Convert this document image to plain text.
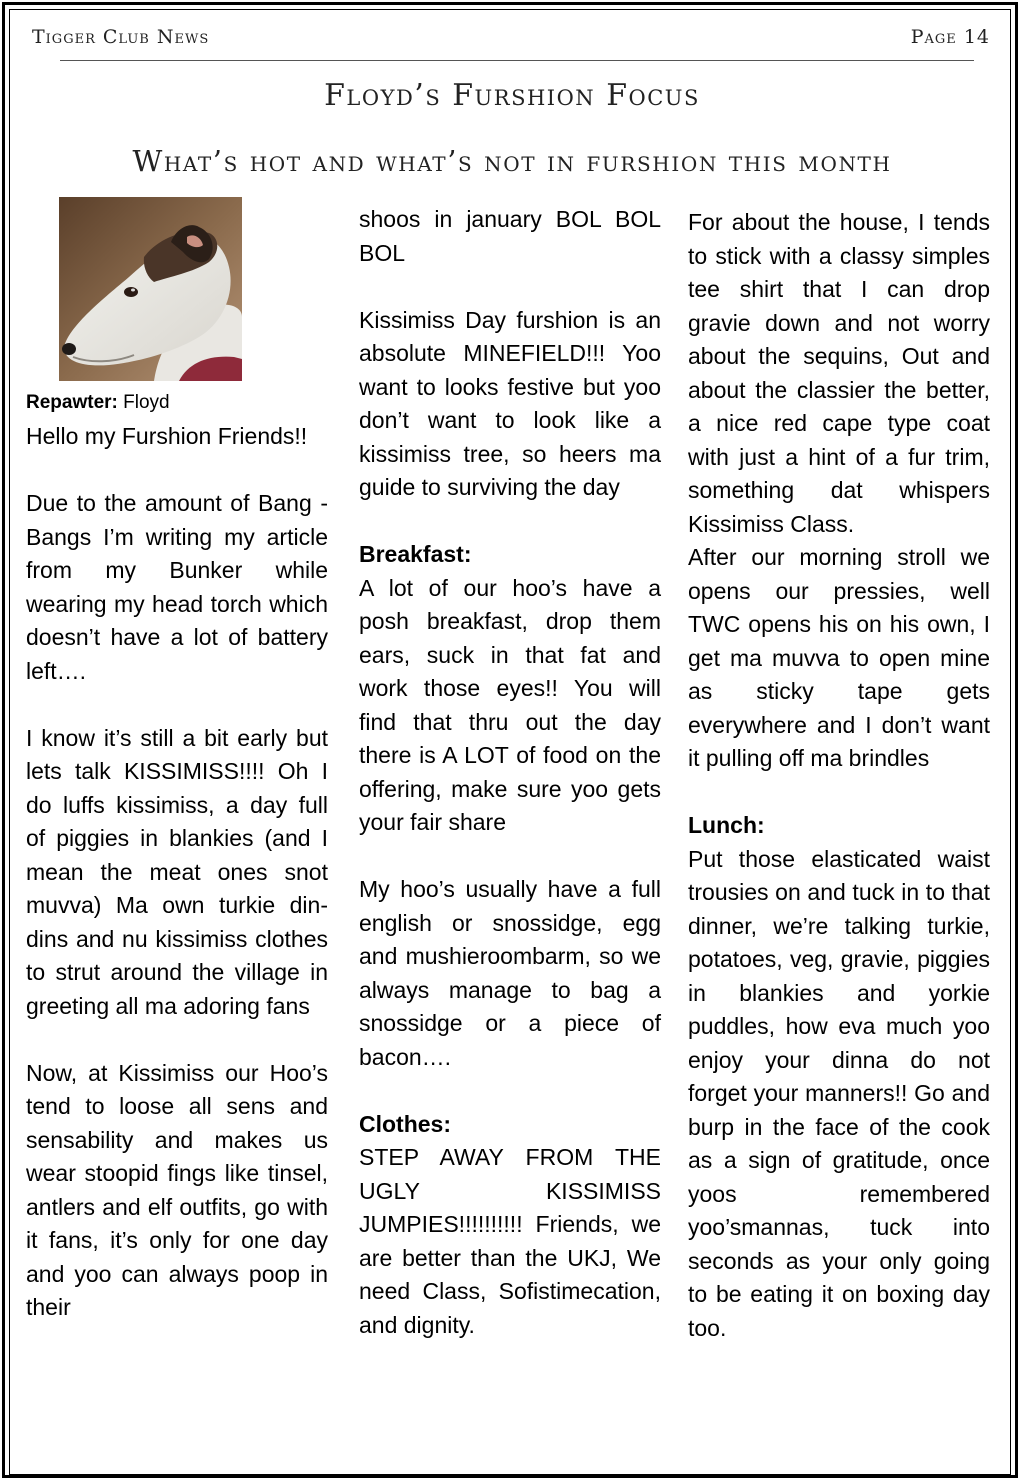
Tigger Club News	Page 14
Floyd’s Furshion Focus
What’s hot and what’s not in furshion this month
Repawter: Floyd

Hello my Furshion Friends!!

Due to the amount of Bang -Bangs I’m writing my article from my Bunker while wearing my head torch which doesn’t have a lot of battery left….

I know it’s still a bit early but lets talk KISSIMISS!!!! Oh I do luffs kissimiss, a day full of piggies in blankies (and I mean the meat ones snot muvva) Ma own turkie din-dins and nu kissimiss clothes to strut around the village in greeting all ma adoring fans

Now, at Kissimiss our Hoo’s tend to loose all sens and sensability and makes us wear stoopid fings like tinsel, antlers and elf outfits, go with it fans, it’s only for one day and yoo can always poop in their

shoos in january BOL BOL BOL

Kissimiss Day furshion is an absolute MINEFIELD!!! Yoo want to looks festive but yoo don’t want to look like a kissimiss tree, so heers ma guide to surviving the day

Breakfast:

A lot of our hoo’s have a posh breakfast, drop them ears, suck in that fat and work those eyes!! You will find that thru out the day there is A LOT of food on the offering, make sure yoo gets your fair share

My hoo’s usually have a full english or snossidge, egg and mushieroombarm, so we always manage to bag a snossidge or a piece of bacon….

Clothes:

STEP AWAY FROM THE UGLY KISSIMISS JUMPIES!!!!!!!!!! Friends, we are better than the UKJ, We need Class, Sofistimecation, and dignity.

For about the house, I tends to stick with a classy simples tee shirt that I can drop gravie down and not worry about the sequins, Out and about the classier the better, a nice red cape type coat with just a hint of a fur trim, something dat whispers Kissimiss Class.

After our morning stroll we opens our pressies, well TWC opens his on his own, I get ma muvva to open mine as sticky tape gets everywhere and I don’t want it pulling off ma brindles

Lunch:

Put those elasticated waist trousies on and tuck in to that dinner, we’re talking turkie, potatoes, veg, gravie, piggies in blankies and yorkie puddles, how eva much yoo enjoy your dinna do not forget your manners!! Go and burp in the face of the cook as a sign of gratitude, once yoos remembered yoo’smannas, tuck into seconds as your only going to be eating it on boxing day too.
